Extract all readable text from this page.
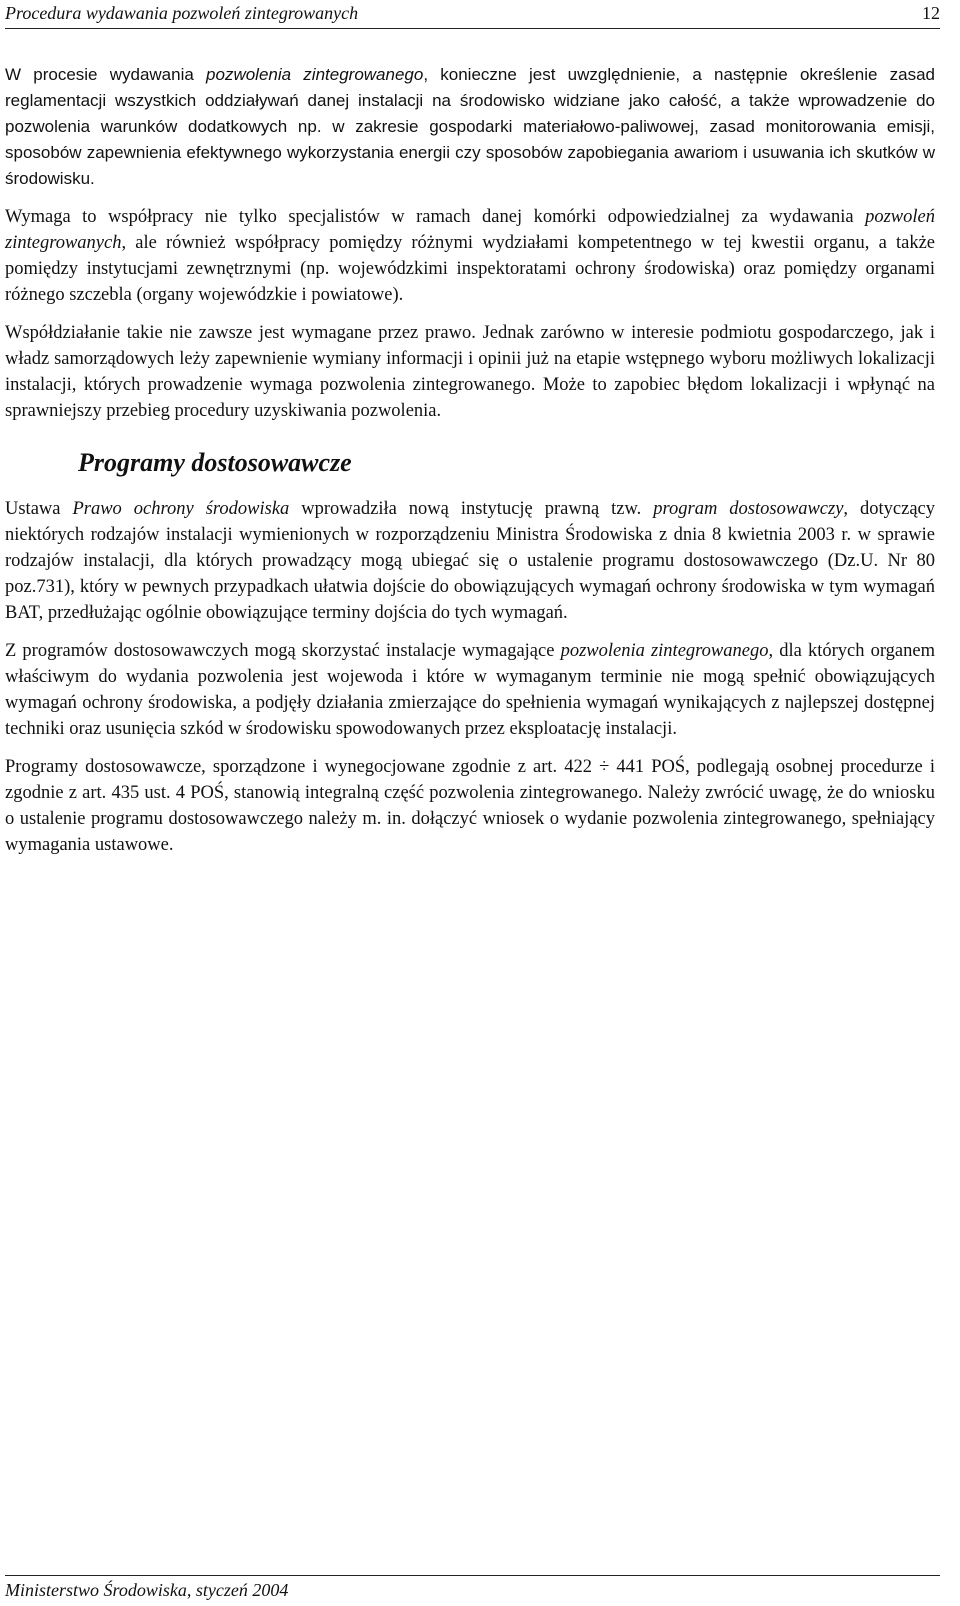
Procedura wydawania pozwoleń zintegrowanych	12

W procesie wydawania pozwolenia zintegrowanego, konieczne jest uwzględnienie, a następnie określenie zasad reglamentacji wszystkich oddziaływań danej instalacji na środowisko widziane jako całość, a także wprowadzenie do pozwolenia warunków dodatkowych np. w zakresie gospodarki materiałowo-paliwowej, zasad monitorowania emisji, sposobów zapewnienia efektywnego wykorzystania energii czy sposobów zapobiegania awariom i usuwania ich skutków w środowisku.

Wymaga to współpracy nie tylko specjalistów w ramach danej komórki odpowiedzialnej za wydawania pozwoleń zintegrowanych, ale również współpracy pomiędzy różnymi wydziałami kompetentnego w tej kwestii organu, a także pomiędzy instytucjami zewnętrznymi (np. wojewódzkimi inspektoratami ochrony środowiska) oraz pomiędzy organami różnego szczebla (organy wojewódzkie i powiatowe).

Współdziałanie takie nie zawsze jest wymagane przez prawo. Jednak zarówno w interesie podmiotu gospodarczego, jak i władz samorządowych leży zapewnienie wymiany informacji i opinii już na etapie wstępnego wyboru możliwych lokalizacji instalacji, których prowadzenie wymaga pozwolenia zintegrowanego. Może to zapobiec błędom lokalizacji i wpłynąć na sprawniejszy przebieg procedury uzyskiwania pozwolenia.

Programy dostosowawcze

Ustawa Prawo ochrony środowiska wprowadziła nową instytucję prawną tzw. program dostosowawczy, dotyczący niektórych rodzajów instalacji wymienionych w rozporządzeniu Ministra Środowiska z dnia 8 kwietnia 2003 r. w sprawie rodzajów instalacji, dla których prowadzący mogą ubiegać się o ustalenie programu dostosowawczego (Dz.U. Nr 80 poz.731), który w pewnych przypadkach ułatwia dojście do obowiązujących wymagań ochrony środowiska w tym wymagań BAT, przedłużając ogólnie obowiązujące terminy dojścia do tych wymagań.

Z programów dostosowawczych mogą skorzystać instalacje wymagające pozwolenia zintegrowanego, dla których organem właściwym do wydania pozwolenia jest wojewoda i które w wymaganym terminie nie mogą spełnić obowiązujących wymagań ochrony środowiska, a podjęły działania zmierzające do spełnienia wymagań wynikających z najlepszej dostępnej techniki oraz usunięcia szkód w środowisku spowodowanych przez eksploatację instalacji.

Programy dostosowawcze, sporządzone i wynegocjowane zgodnie z art. 422 ÷ 441 POŚ, podlegają osobnej procedurze i zgodnie z art. 435 ust. 4 POŚ, stanowią integralną część pozwolenia zintegrowanego. Należy zwrócić uwagę, że do wniosku o ustalenie programu dostosowawczego należy m. in. dołączyć wniosek o wydanie pozwolenia zintegrowanego, spełniający wymagania ustawowe.

Ministerstwo Środowiska, styczeń 2004
